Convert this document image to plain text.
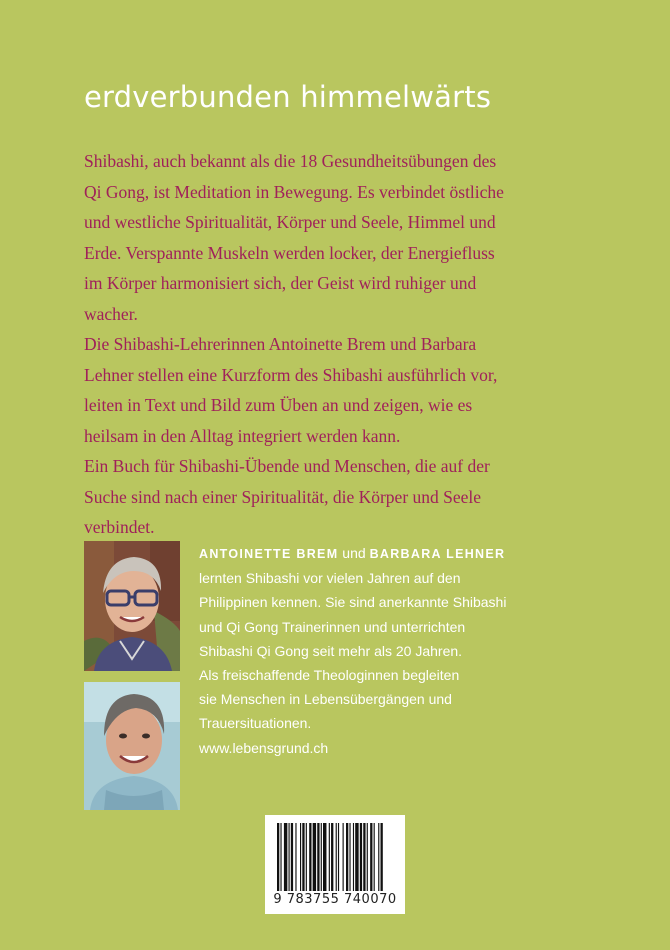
erdverbunden himmelwärts

Shibashi, auch bekannt als die 18 Gesundheitsübungen des
Qi Gong, ist Meditation in Bewegung. Es verbindet östliche
und westliche Spiritualität, Körper und Seele, Himmel und
Erde. Verspannte Muskeln werden locker, der Energiefluss
im Körper harmonisiert sich, der Geist wird ruhiger und
wacher.

Die Shibashi-Lehrerinnen Antoinette Brem und Barbara
Lehner stellen eine Kurzform des Shibashi ausführlich vor,
leiten in Text und Bild zum Üben an und zeigen, wie es
heilsam in den Alltag integriert werden kann.

Ein Buch für Shibashi-Übende und Menschen, die auf der
Suche sind nach einer Spiritualität, die Körper und Seele
verbindet.

ANTOINETTE BREM und BARBARA LEHNER
lernten Shibashi vor vielen Jahren auf den
Philippinen kennen. Sie sind anerkannte Shibashi
und Qi Gong Trainerinnen und unterrichten
Shibashi Qi Gong seit mehr als 20 Jahren.
Als freischaffende Theologinnen begleiten
sie Menschen in Lebensübergängen und
Trauersituationen.
www.lebensgrund.ch
9 783755 740070
